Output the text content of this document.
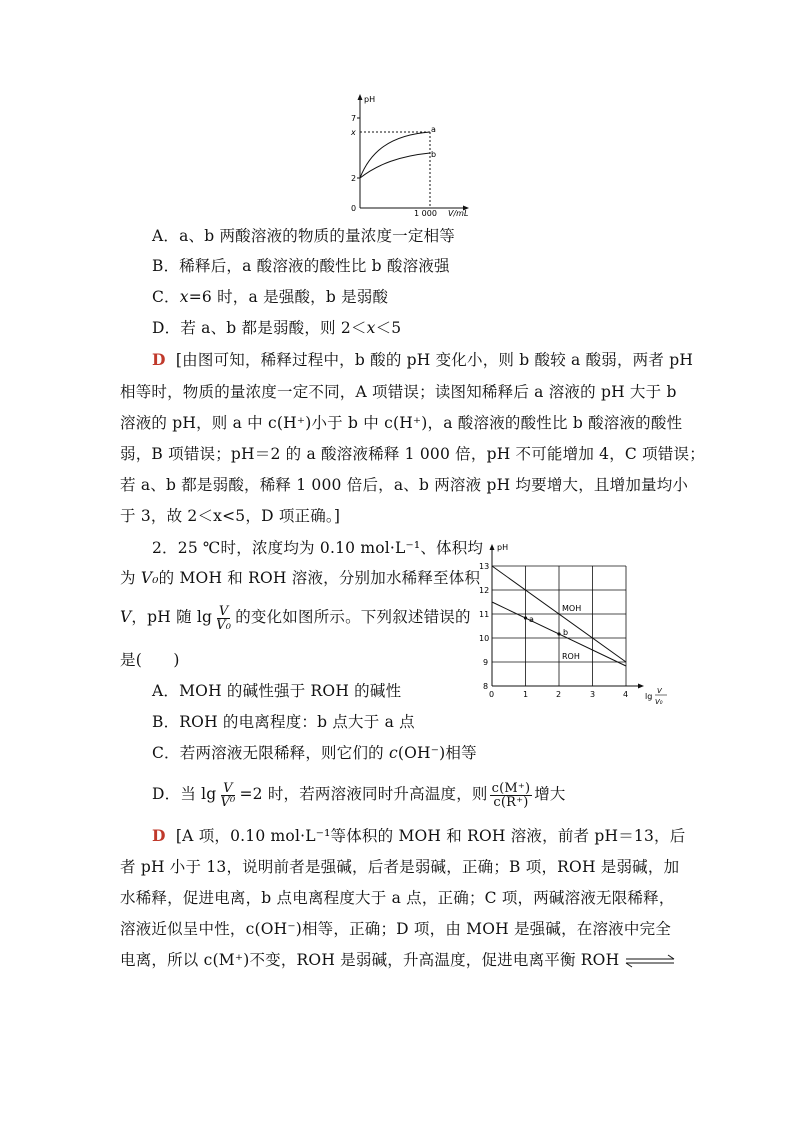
pH
7
x
2
0
1 000 V/mL
a
b
A．a、b 两酸溶液的物质的量浓度一定相等
B．稀释后，a 酸溶液的酸性比 b 酸溶液强
C．x=6 时，a 是强酸，b 是弱酸
D．若 a、b 都是弱酸，则 2＜x＜5
D [由图可知，稀释过程中，b 酸的 pH 变化小，则 b 酸较 a 酸弱，两者 pH
相等时，物质的量浓度一定不同，A 项错误；读图知稀释后 a 溶液的 pH 大于 b
溶液的 pH，则 a 中 c(H⁺)小于 b 中 c(H⁺)，a 酸溶液的酸性比 b 酸溶液的酸性
弱，B 项错误；pH＝2 的 a 酸溶液稀释 1 000 倍，pH 不可能增加 4，C 项错误；
若 a、b 都是弱酸，稀释 1 000 倍后，a、b 两溶液 pH 均要增大，且增加量均小
于 3，故 2＜x<5，D 项正确。]
2．25 ℃时，浓度均为 0.10 mol·L⁻¹、体积均
为 V₀的 MOH 和 ROH 溶液，分别加水稀释至体积
V，pH 随 $\lg \frac{V}{\text{V₀}}$ 的变化如图所示。下列叙述错误的
是(　　)
pH
13
12
11
10
9
8
0	1	2	3	4 lg
V
V₀
MOH
ROH
a
b
A．MOH 的碱性强于 ROH 的碱性
B．ROH 的电离程度：b 点大于 a 点
C．若两溶液无限稀释，则它们的 c(OH⁻)相等
D．当 $\lg \frac{V}{\text{V⁰}} =2$ 时，若两溶液同时升高温度，则 $\frac{c(M^+)}{c(R^+)}$ 增大
D [A 项，0.10 mol·L⁻¹等体积的 MOH 和 ROH 溶液，前者 pH＝13，后
者 pH 小于 13，说明前者是强碱，后者是弱碱，正确；B 项，ROH 是弱碱，加
水稀释，促进电离，b 点电离程度大于 a 点，正确；C 项，两碱溶液无限稀释，
溶液近似呈中性，c(OH⁻)相等，正确；D 项，由 MOH 是强碱，在溶液中完全
电离，所以 c(M⁺)不变，ROH 是弱碱，升高温度，促进电离平衡 ROH ⇌
